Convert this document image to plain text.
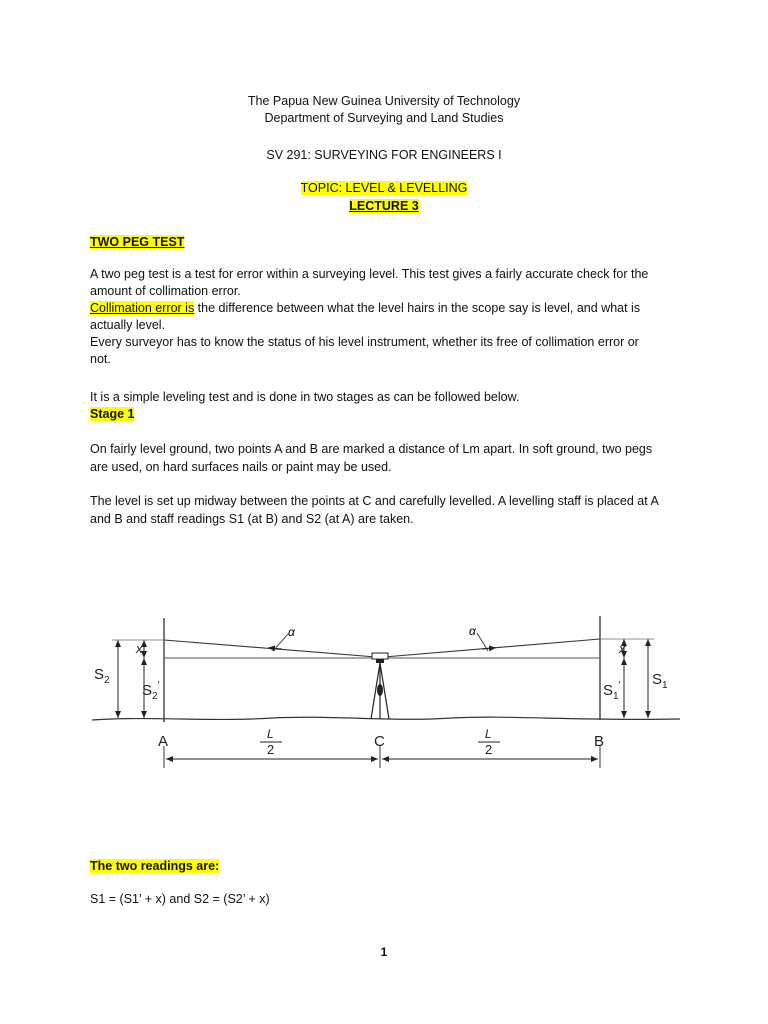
The Papua New Guinea University of Technology
Department of Surveying and Land Studies
SV 291: SURVEYING FOR ENGINEERS I
TOPIC: LEVEL & LEVELLING
LECTURE 3
TWO PEG TEST

A two peg test is a test for error within a surveying level. This test gives a fairly accurate check for the

amount of collimation error.

Collimation error is the difference between what the level hairs in the scope say is level, and what is

actually level.

Every surveyor has to know the status of his level instrument, whether its free of collimation error or

not.

It is a simple leveling test and is done in two stages as can be followed below.

Stage 1

On fairly level ground, two points A and B are marked a distance of Lm apart. In soft ground, two pegs

are used, on hard surfaces nails or paint may be used.

The level is set up midway between the points at C and carefully levelled. A levelling staff is placed at A

and B and staff readings S1 (at B) and S2 (at A) are taken.

α	α
$S_2$
x
$S_2'$
x
$S_1'$ $S_1$
A	C	B
L
2
L
2
The two readings are:
S1 = (S1’ + x) and S2 = (S2’ + x)
1
